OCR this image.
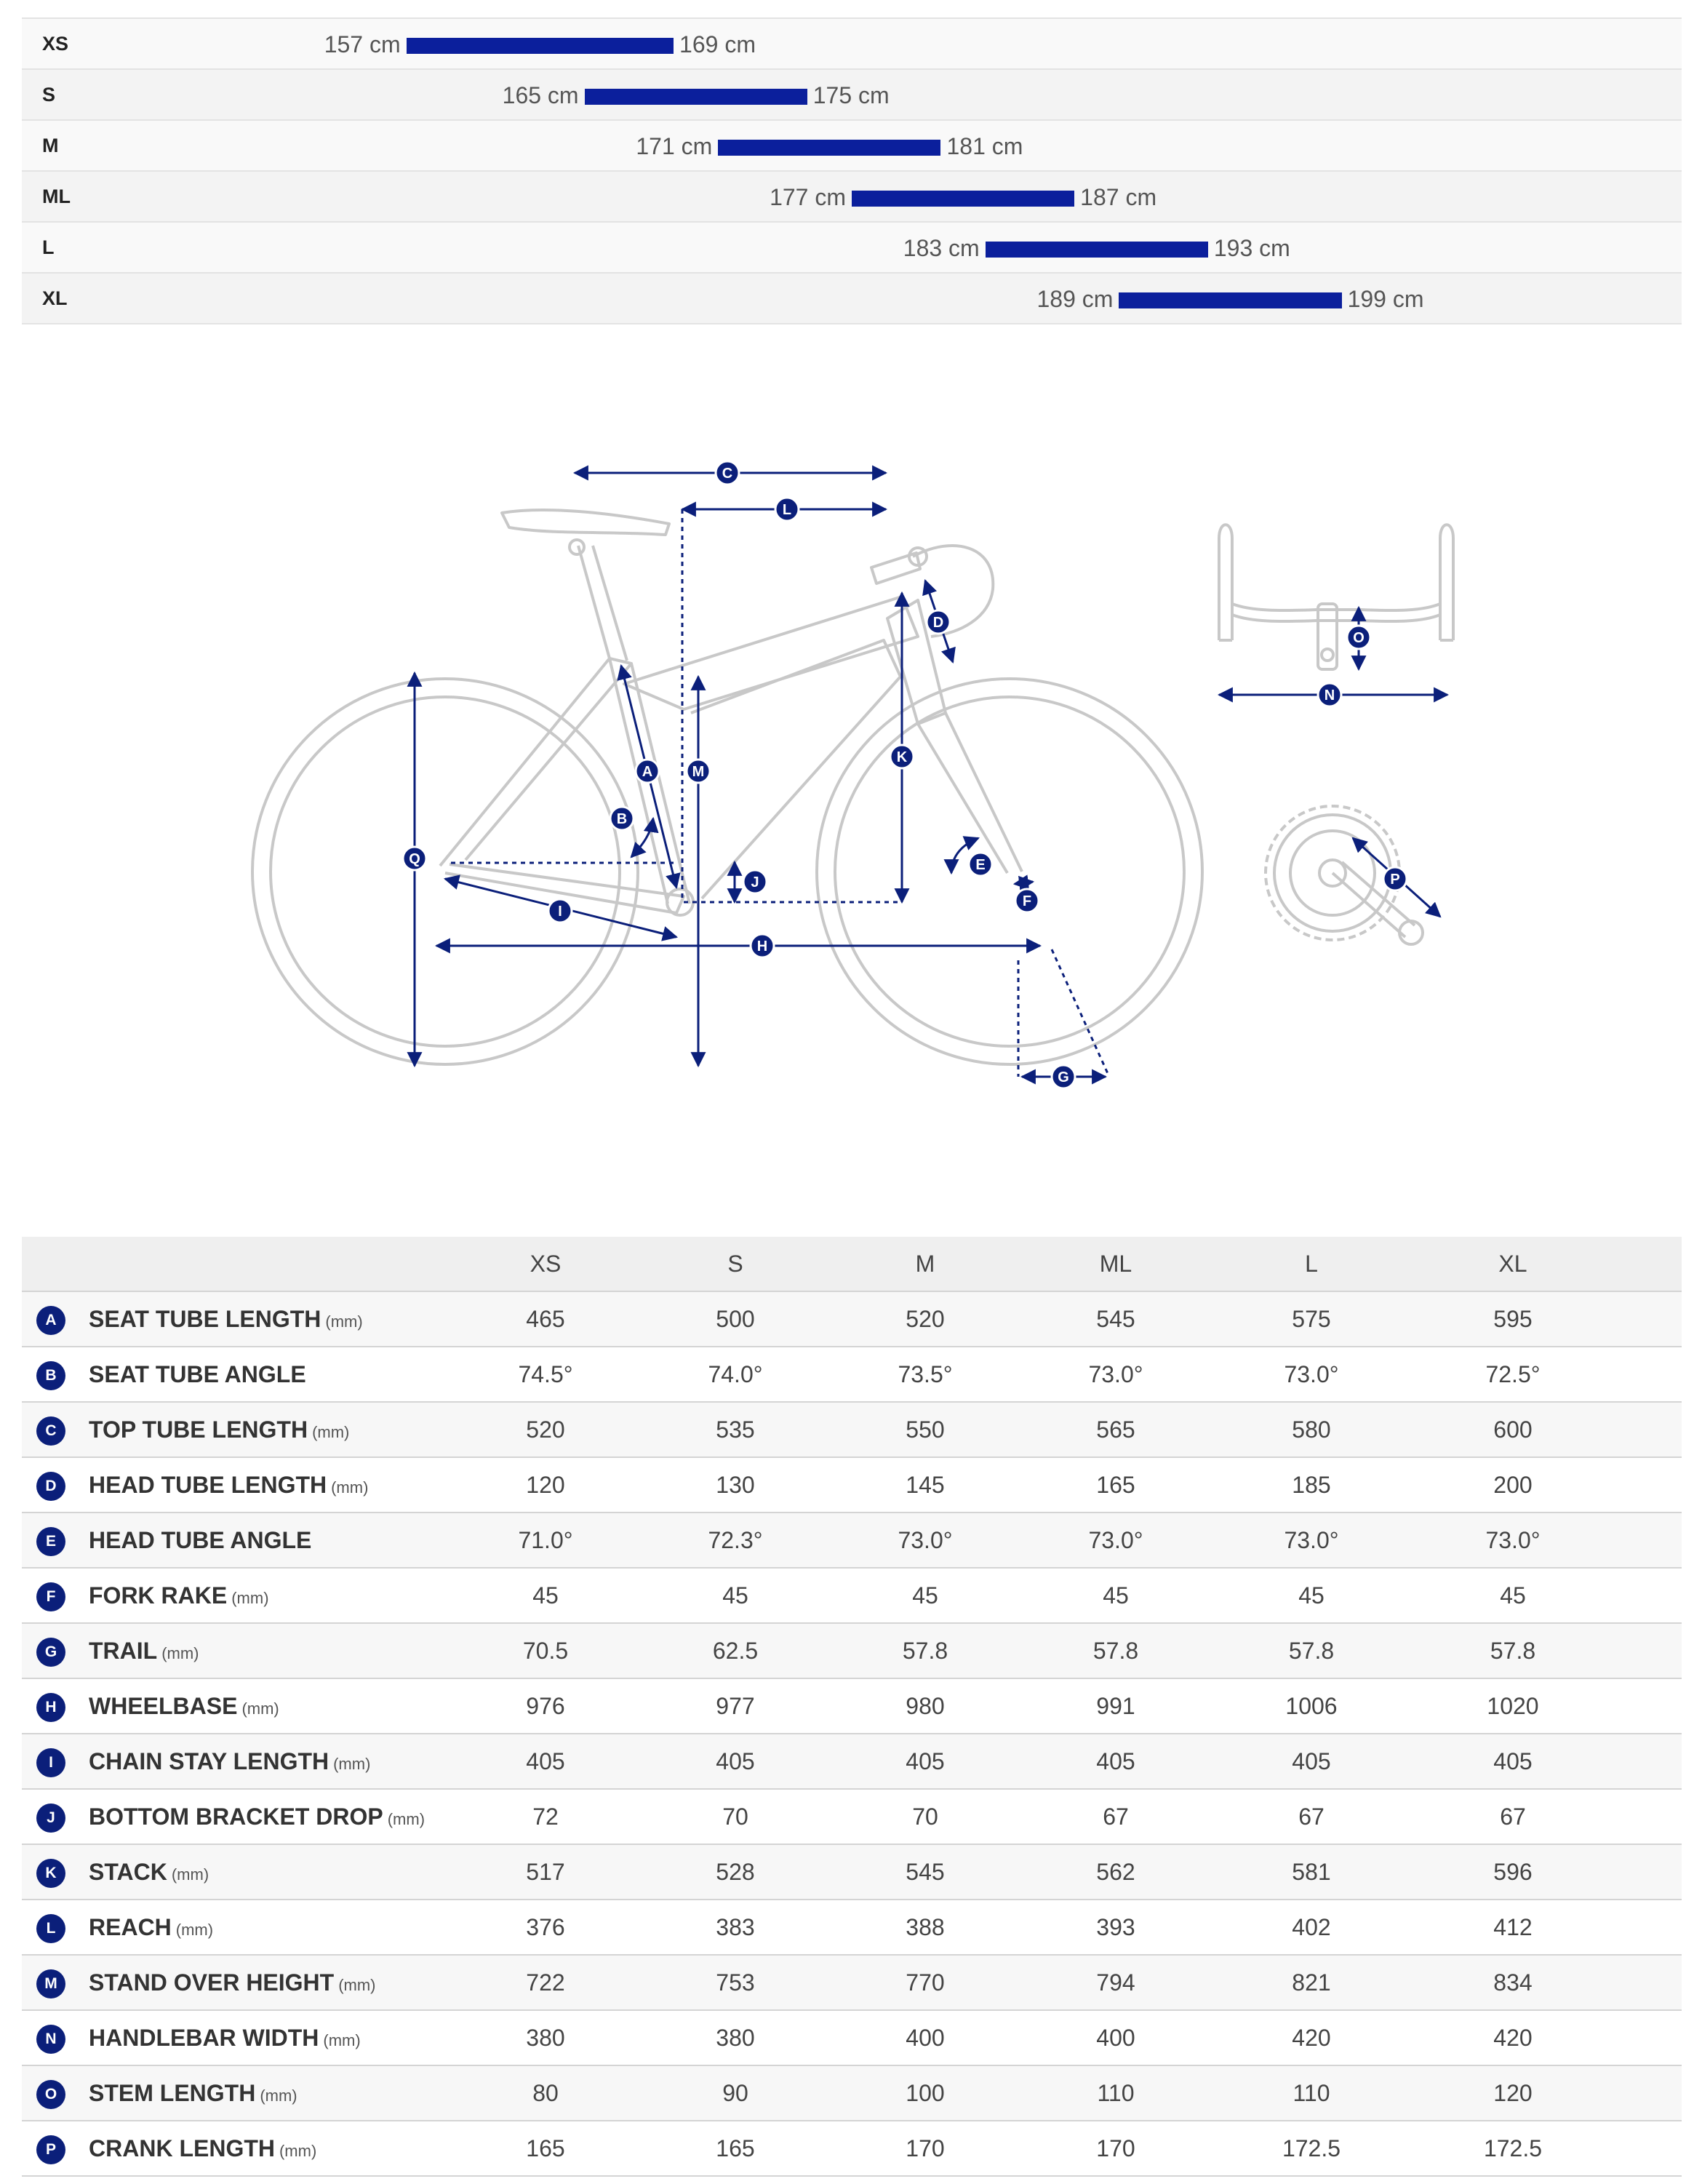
XS	157 cm	169 cm
S	165 cm	175 cm
M	171 cm	181 cm
ML	177 cm	187 cm
L	183 cm	193 cm
XL	189 cm	199 cm
A
B
C
D
E
F
G
H
I
J
K
L
M
N
O
P
Q
XS	S	M	ML	L	XL
A	SEAT TUBE LENGTH (mm)	465	500	520	545	575	595
B	SEAT TUBE ANGLE	74.5°	74.0°	73.5°	73.0°	73.0°	72.5°
C	TOP TUBE LENGTH (mm)	520	535	550	565	580	600
D	HEAD TUBE LENGTH (mm)	120	130	145	165	185	200
E	HEAD TUBE ANGLE	71.0°	72.3°	73.0°	73.0°	73.0°	73.0°
F	FORK RAKE (mm)	45	45	45	45	45	45
G	TRAIL (mm)	70.5	62.5	57.8	57.8	57.8	57.8
H	WHEELBASE (mm)	976	977	980	991	1006	1020
I	CHAIN STAY LENGTH (mm)	405	405	405	405	405	405
J	BOTTOM BRACKET DROP (mm)	72	70	70	67	67	67
K	STACK (mm)	517	528	545	562	581	596
L	REACH (mm)	376	383	388	393	402	412
M	STAND OVER HEIGHT (mm)	722	753	770	794	821	834
N	HANDLEBAR WIDTH (mm)	380	380	400	400	420	420
O	STEM LENGTH (mm)	80	90	100	110	110	120
P	CRANK LENGTH (mm)	165	165	170	170	172.5	172.5
